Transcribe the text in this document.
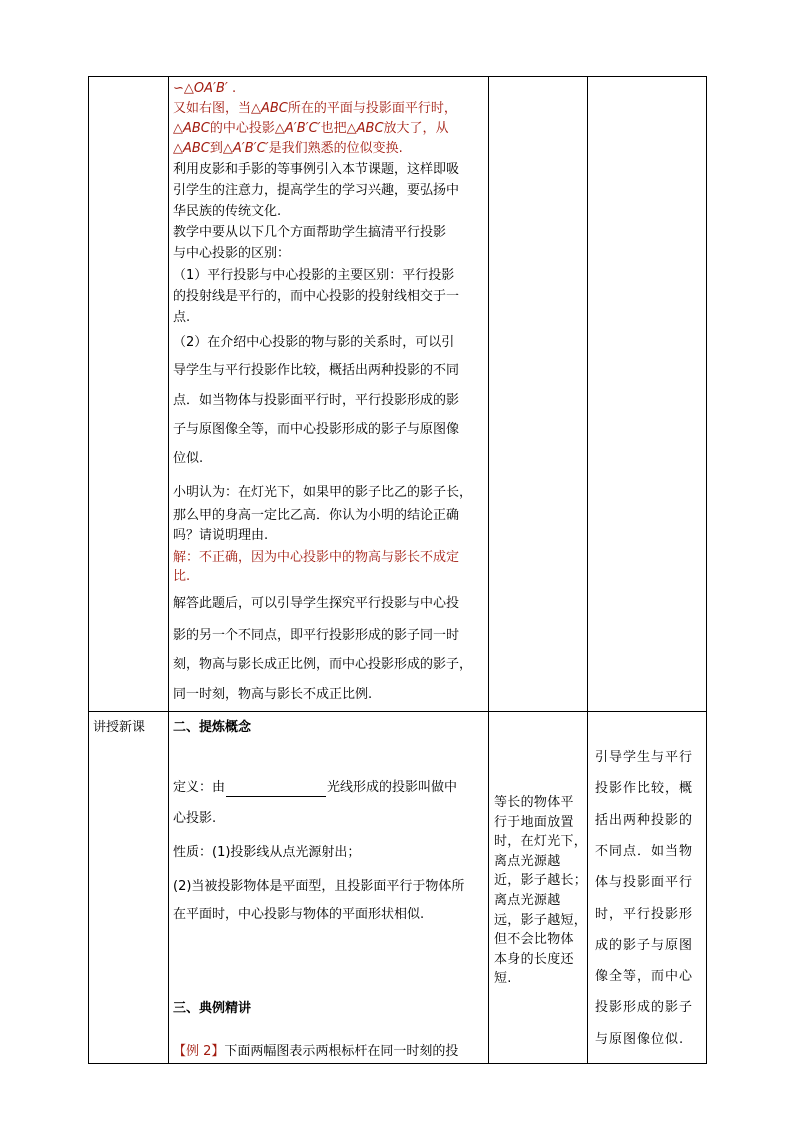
∽△OA′B′ .
又如右图，当△ABC所在的平面与投影面平行时，
△ABC的中心投影△A′B′C′也把△ABC放大了，从
△ABC到△A′B′C′是我们熟悉的位似变换.
利用皮影和手影的等事例引入本节课题，这样即吸
引学生的注意力，提高学生的学习兴趣，要弘扬中
华民族的传统文化.
教学中要从以下几个方面帮助学生搞清平行投影
与中心投影的区别：
（1）平行投影与中心投影的主要区别：平行投影
的投射线是平行的，而中心投影的投射线相交于一
点.
（2）在介绍中心投影的物与影的关系时，可以引
导学生与平行投影作比较，概括出两种投影的不同
点．如当物体与投影面平行时，平行投影形成的影
子与原图像全等，而中心投影形成的影子与原图像
位似.
小明认为：在灯光下，如果甲的影子比乙的影子长，
那么甲的身高一定比乙高．你认为小明的结论正确
吗？请说明理由.
解：不正确，因为中心投影中的物高与影长不成定
比.
解答此题后，可以引导学生探究平行投影与中心投
影的另一个不同点，即平行投影形成的影子同一时
刻，物高与影长成正比例，而中心投影形成的影子，
同一时刻，物高与影长不成正比例.
讲授新课 二、提炼概念
定义：由	光线形成的投影叫做中
心投影.
性质：(1)投影线从点光源射出；
(2)当被投影物体是平面型，且投影面平行于物体所
在平面时，中心投影与物体的平面形状相似.
三、典例精讲
【例 2】下面两幅图表示两根标杆在同一时刻的投
等长的物体平
行于地面放置
时，在灯光下，
离点光源越
近，影子越长；
离点光源越
远，影子越短，
但不会比物体
本身的长度还
短.
引导学生与平行
投影作比较，概
括出两种投影的
不同点．如当物
体与投影面平行
时，平行投影形
成的影子与原图
像全等，而中心
投影形成的影子
与原图像位似.
